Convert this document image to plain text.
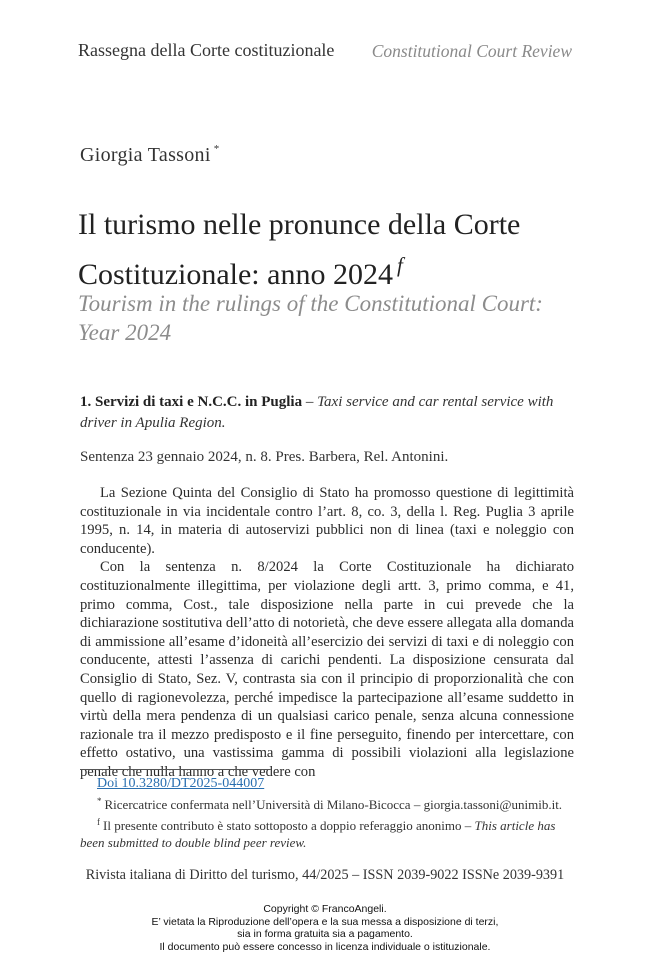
Rassegna della Corte costituzionale Constitutional Court Review
Giorgia Tassoni *
Il turismo nelle pronunce della Corte
Costituzionale: anno 2024 $^f$
Tourism in the rulings of the Constitutional Court:
Year 2024
1. Servizi di taxi e N.C.C. in Puglia – Taxi service and car rental service with driver in Apulia Region.
Sentenza 23 gennaio 2024, n. 8. Pres. Barbera, Rel. Antonini.

La Sezione Quinta del Consiglio di Stato ha promosso questione di legittimità costituzionale in via incidentale contro l’art. 8, co. 3, della l. Reg. Puglia 3 aprile 1995, n. 14, in materia di autoservizi pubblici non di linea (taxi e noleggio con conducente).

Con la sentenza n. 8/2024 la Corte Costituzionale ha dichiarato costituzionalmente illegittima, per violazione degli artt. 3, primo comma, e 41, primo comma, Cost., tale disposizione nella parte in cui prevede che la dichiarazione sostitutiva dell’atto di notorietà, che deve essere allegata alla domanda di ammissione all’esame d’idoneità all’esercizio dei servizi di taxi e di noleggio con conducente, attesti l’assenza di carichi pendenti. La disposizione censurata dal Consiglio di Stato, Sez. V, contrasta sia con il principio di proporzionalità che con quello di ragionevolezza, perché impedisce la partecipazione all’esame suddetto in virtù della mera pendenza di un qualsiasi carico penale, senza alcuna connessione razionale tra il mezzo predisposto e il fine perseguito, finendo per intercettare, con effetto ostativo, una vastissima gamma di possibili violazioni alla legislazione penale che nulla hanno a che vedere con

Doi 10.3280/DT2025-044007
* Ricercatrice confermata nell’Università di Milano-Bicocca – giorgia.tassoni@unimib.it.
$^f$ Il presente contributo è stato sottoposto a doppio referaggio anonimo – This article has been submitted to double blind peer review.
Rivista italiana di Diritto del turismo, 44/2025 – ISSN 2039-9022 ISSNe 2039-9391
Copyright © FrancoAngeli.
E’ vietata la Riproduzione dell’opera e la sua messa a disposizione di terzi,
sia in forma gratuita sia a pagamento.
Il documento può essere concesso in licenza individuale o istituzionale.
